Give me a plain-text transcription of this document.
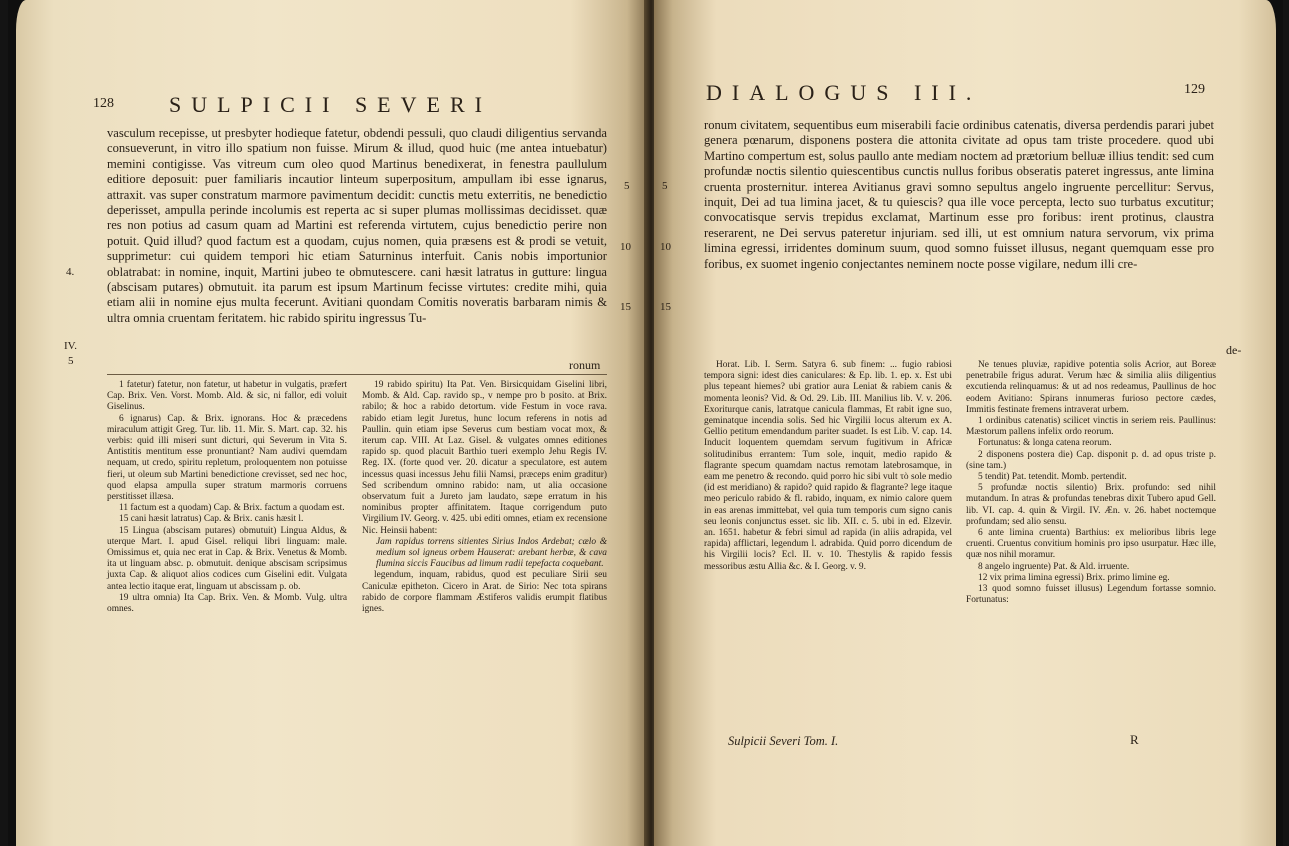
128	SULPICII SEVERI

vasculum recepisse, ut presbyter hodieque fatetur, obdendi pessuli, quo claudi diligentius servanda consueverunt, in vitro illo spatium non fuisse. Mirum & illud, quod huic (me antea intuebatur) memini contigisse. Vas vitreum cum oleo quod Martinus benedixerat, in fenestra paullulum editiore deposuit: puer familiaris incautior linteum superpositum, ampullam ibi esse ignarus, attraxit. vas super constratum marmore pavimentum decidit: cunctis metu exterritis, ne benedictio deperisset, ampulla perinde incolumis est reperta ac si super plumas mollissimas decidisset. quæ res non potius ad casum quam ad Martini est referenda virtutem, cujus benedictio perire non potuit. Quid illud? quod factum est a quodam, cujus nomen, quia præsens est & prodi se vetuit, supprimetur: cui quidem tempori hic etiam Saturninus interfuit. Canis nobis importunior oblatrabat: in nomine, inquit, Martini jubeo te obmutescere. cani hæsit latratus in gutture: lingua (abscisam putares) obmutuit. ita parum est ipsum Martinum fecisse virtutes: credite mihi, quia etiam alii in nomine ejus multa fecerunt. Avitiani quondam Comitis noveratis barbaram nimis & ultra omnia cruentam feritatem. hic rabido spiritu ingressus Tu-

ronum
5
10
15
4.
IV.
5

1 fatetur) fatetur, non fatetur, ut habetur in vulgatis, præfert Cap. Brix. Ven. Vorst. Momb. Ald. & sic, ni fallor, edi voluit Giselinus.

6 ignarus) Cap. & Brix. ignorans. Hoc & præcedens miraculum attigit Greg. Tur. lib. 11. Mir. S. Mart. cap. 32. his verbis: quid illi miseri sunt dicturi, qui Severum in Vita S. Antistitis mentitum esse pronuntiant? Nam audivi quemdam nequam, ut credo, spiritu repletum, proloquentem non potuisse fieri, ut oleum sub Martini benedictione crevisset, sed nec hoc, quod elapsa ampulla super stratum marmoris corruens perstitisset illæsa.

11 factum est a quodam) Cap. & Brix. factum a quodam est.

15 cani hæsit latratus) Cap. & Brix. canis hæsit l.

15 Lingua (abscisam putares) obmutuit) Lingua Aldus, & uterque Mart. I. apud Gisel. reliqui libri linguam: male. Omissimus et, quia nec erat in Cap. & Brix. Venetus & Momb. ita ut linguam absc. p. obmutuit. denique abscisam scripsimus juxta Cap. & aliquot alios codices cum Giselini edit. Vulgata antea lectio itaque erat, linguam ut abscissam p. ob.

19 ultra omnia) Ita Cap. Brix. Ven. & Momb. Vulg. ultra omnes.

19 rabido spiritu) Ita Pat. Ven. Birsicquidam Giselini libri, Momb. & Ald. Cap. ravido sp., v nempe pro b posito. at Brix. rabilo; & hoc a rabido detortum. vide Festum in voce rava. rabido etiam legit Juretus, hunc locum referens in notis ad Paullin. quin etiam ipse Severus cum bestiam vocat mox, & iterum cap. VIII. At Laz. Gisel. & vulgates omnes editiones rapido sp. quod placuit Barthio tueri exemplo Jehu Regis IV. Reg. IX. (forte quod ver. 20. dicatur a speculatore, est autem incessus quasi incessus Jehu filii Namsi, præceps enim graditur) Sed scribendum omnino rabido: nam, ut alia occasione observatum fuit a Jureto jam laudato, sæpe erratum in his nominibus propter affinitatem. Itaque corrigendum puto Virgilium IV. Georg. v. 425. ubi editi omnes, etiam ex recensione Nic. Heinsii habent:

Jam rapidus torrens sitientes Sirius Indos Ardebat; cælo & medium sol igneus orbem Hauserat: arebant herbæ, & cava flumina siccis Faucibus ad limum radii tepefacta coquebant.

legendum, inquam, rabidus, quod est peculiare Sirii seu Caniculæ epitheton. Cicero in Arat. de Sirio: Nec tota spirans rabido de corpore flammam Æstiferos validis erumpit flatibus ignes.

DIALOGUS III.	129

ronum civitatem, sequentibus eum miserabili facie ordinibus catenatis, diversa perdendis parari jubet genera pœnarum, disponens postera die attonita civitate ad opus tam triste procedere. quod ubi Martino compertum est, solus paullo ante mediam noctem ad prætorium belluæ illius tendit: sed cum profundæ noctis silentio quiescentibus cunctis nullus foribus obseratis pateret ingressus, ante limina cruenta prosternitur. interea Avitianus gravi somno sepultus angelo ingruente percellitur: Servus, inquit, Dei ad tua limina jacet, & tu quiescis? qua ille voce percepta, lecto suo turbatus excutitur; convocatisque servis trepidus exclamat, Martinum esse pro foribus: irent protinus, claustra reserarent, ne Dei servus pateretur injuriam. sed illi, ut est omnium natura servorum, vix prima limina egressi, irridentes dominum suum, quod somno fuisset illusus, negant quemquam esse pro foribus, ex suomet ingenio conjectantes neminem nocte posse vigilare, nedum illi cre-

de-
5
10
15

Horat. Lib. I. Serm. Satyra 6. sub finem: ... fugio rabiosi tempora signi: idest dies caniculares: & Ep. lib. 1. ep. x. Est ubi plus tepeant hiemes? ubi gratior aura Leniat & rabiem canis & momenta leonis? Vid. & Od. 29. Lib. III. Manilius lib. V. v. 206. Exoriturque canis, latratque canicula flammas, Et rabit igne suo, geminatque incendia solis. Sed hic Virgilii locus alterum ex A. Gellio petitum emendandum pariter suadet. Is est Lib. V. cap. 14. Inducit loquentem quemdam servum fugitivum in Africæ solitudinibus errantem: Tum sole, inquit, medio rapido & flagrante specum quamdam nactus remotam latebrosamque, in eam me penetro & recondo. quid porro hic sibi vult τὸ sole medio (id est meridiano) & rapido? quid rapido & flagrante? lege itaque meo periculo rabido & fl. rabido, inquam, ex nimio calore quem in eas arenas immittebat, vel quia tum temporis cum signo canis seu leonis conjunctus esset. sic lib. XII. c. 5. ubi in ed. Elzevir. an. 1651. habetur & febri simul ad rapida (in aliis adrapida, vel rapida) afflictari, legendum l. adrabida. Quid porro dicendum de his Virgilii locis? Ecl. II. v. 10. Thestylis & rapido fessis messoribus æstu Allia &c. & I. Georg. v. 9.

Ne tenues pluviæ, rapidive potentia solis Acrior, aut Boreæ penetrabile frigus adurat. Verum hæc & similia aliis diligentius excutienda relinquamus: & ut ad nos redeamus, Paullinus de hoc eodem Avitiano: Spirans innumeras furioso pectore cædes, Immitis festinate fremens intraverat urbem.

1 ordinibus catenatis) scilicet vinctis in seriem reis. Paullinus: Mæstorum pallens infelix ordo reorum.

Fortunatus: & longa catena reorum.

2 disponens postera die) Cap. disponit p. d. ad opus triste p. (sine tam.)

5 tendit) Pat. tetendit. Momb. pertendit.

5 profundæ noctis silentio) Brix. profundo: sed nihil mutandum. In atras & profundas tenebras dixit Tubero apud Gell. lib. VI. cap. 4. quin & Virgil. IV. Æn. v. 26. habet noctemque profundam; sed alio sensu.

6 ante limina cruenta) Barthius: ex melioribus libris lege cruenti. Cruentus convitium hominis pro ipso usurpatur. Hæc ille, quæ nos nihil moramur.

8 angelo ingruente) Pat. & Ald. irruente.

12 vix prima limina egressi) Brix. primo limine eg.

13 quod somno fuisset illusus) Legendum fortasse somnio. Fortunatus:

Sulpicii Severi Tom. I.	R
